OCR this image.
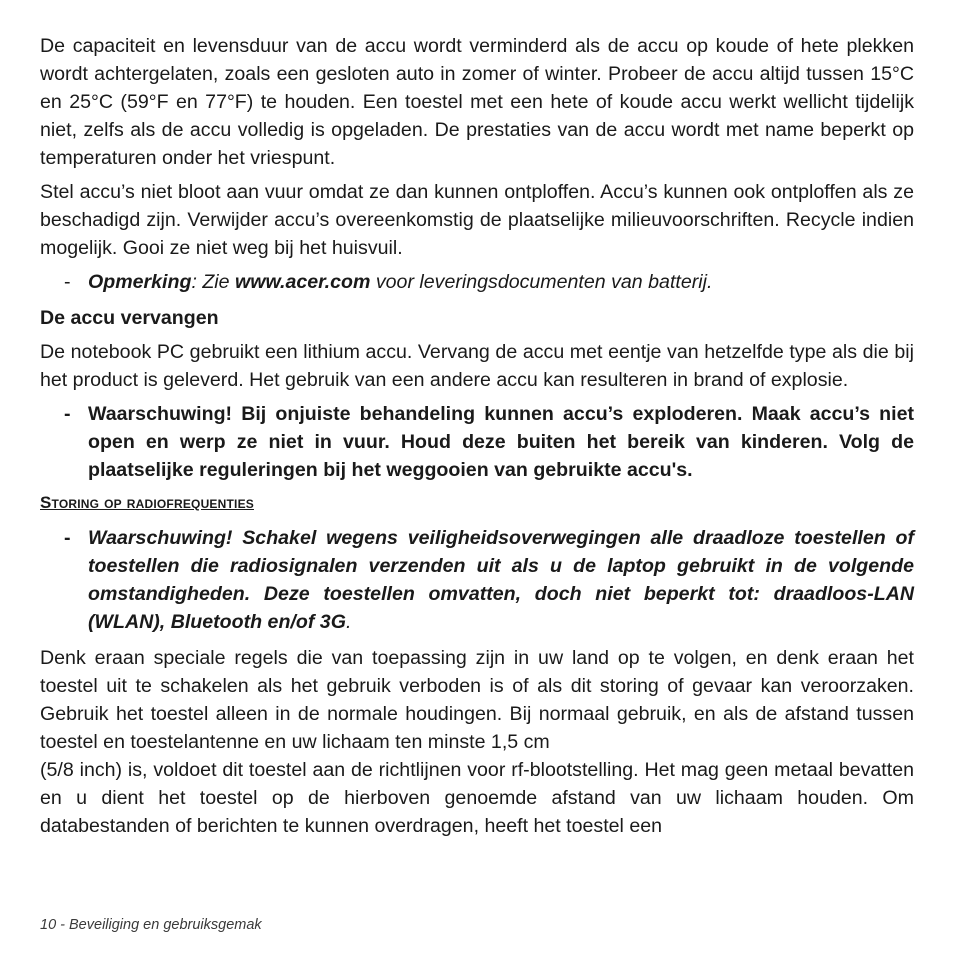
De capaciteit en levensduur van de accu wordt verminderd als de accu op koude of hete plekken wordt achtergelaten, zoals een gesloten auto in zomer of winter. Probeer de accu altijd tussen 15°C en 25°C (59°F en 77°F) te houden. Een toestel met een hete of koude accu werkt wellicht tijdelijk niet, zelfs als de accu volledig is opgeladen. De prestaties van de accu wordt met name beperkt op temperaturen onder het vriespunt.

Stel accu’s niet bloot aan vuur omdat ze dan kunnen ontploffen. Accu’s kunnen ook ontploffen als ze beschadigd zijn. Verwijder accu’s overeenkomstig de plaatselijke milieuvoorschriften. Recycle indien mogelijk. Gooi ze niet weg bij het huisvuil.

- Opmerking: Zie www.acer.com voor leveringsdocumenten van batterij.
De accu vervangen

De notebook PC gebruikt een lithium accu. Vervang de accu met eentje van hetzelfde type als die bij het product is geleverd. Het gebruik van een andere accu kan resulteren in brand of explosie.

- Waarschuwing! Bij onjuiste behandeling kunnen accu’s exploderen. Maak accu’s niet open en werp ze niet in vuur. Houd deze buiten het bereik van kinderen. Volg de plaatselijke reguleringen bij het weggooien van gebruikte accu's.
Storing op radiofrequenties
- Waarschuwing! Schakel wegens veiligheidsoverwegingen alle draadloze toestellen of toestellen die radiosignalen verzenden uit als u de laptop gebruikt in de volgende omstandigheden. Deze toestellen omvatten, doch niet beperkt tot: draadloos-LAN (WLAN), Bluetooth en/of 3G.

Denk eraan speciale regels die van toepassing zijn in uw land op te volgen, en denk eraan het toestel uit te schakelen als het gebruik verboden is of als dit storing of gevaar kan veroorzaken. Gebruik het toestel alleen in de normale houdingen. Bij normaal gebruik, en als de afstand tussen toestel en toestelantenne en uw lichaam ten minste 1,5 cm

(5/8 inch) is, voldoet dit toestel aan de richtlijnen voor rf-blootstelling. Het mag geen metaal bevatten en u dient het toestel op de hierboven genoemde afstand van uw lichaam houden. Om databestanden of berichten te kunnen overdragen, heeft het toestel een

10 - Beveiliging en gebruiksgemak
